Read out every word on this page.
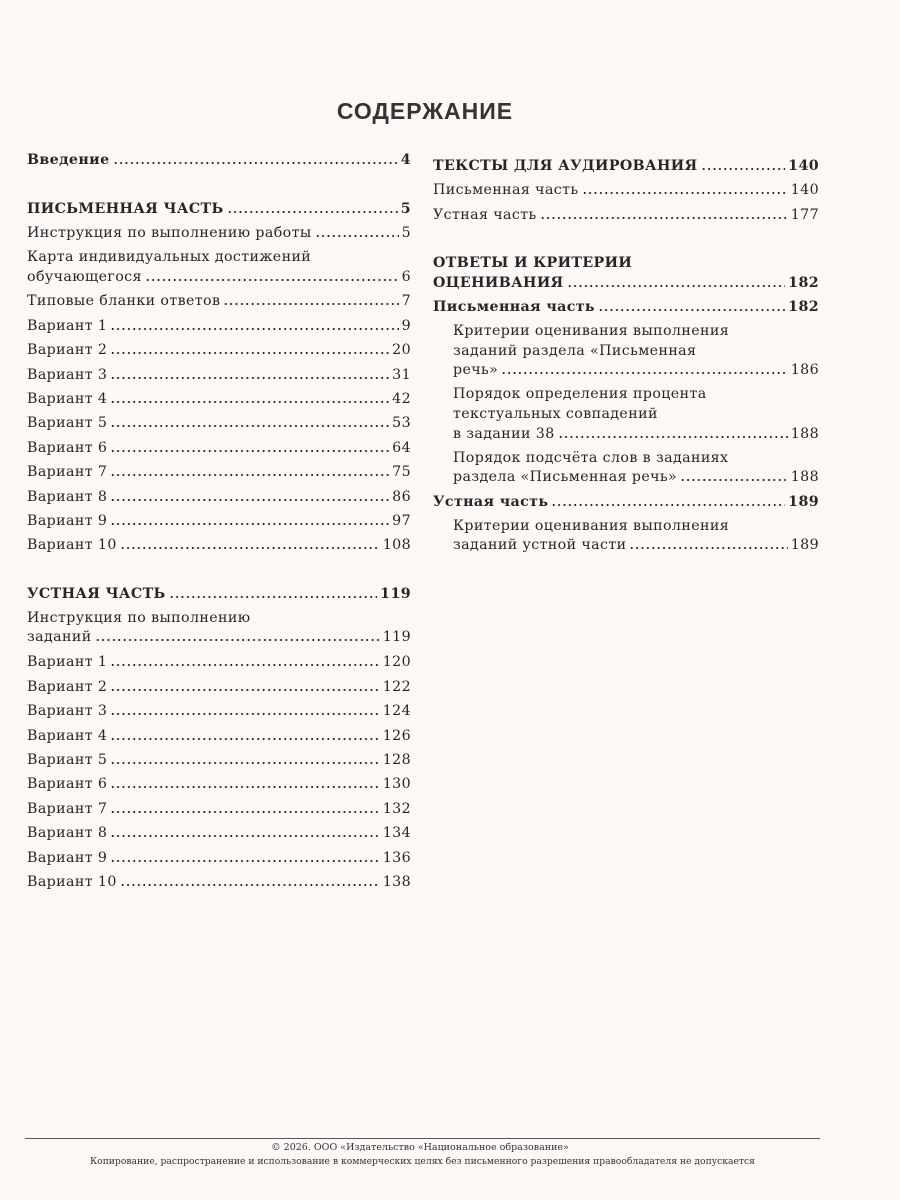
СОДЕРЖАНИЕ
Введение	4
ПИСЬМЕННАЯ ЧАСТЬ	5
Инструкция по выполнению работы	5
Карта индивидуальных достижений
обучающегося	6
Типовые бланки ответов	7
Вариант 1	9
Вариант 2	20
Вариант 3	31
Вариант 4	42
Вариант 5	53
Вариант 6	64
Вариант 7	75
Вариант 8	86
Вариант 9	97
Вариант 10	108
УСТНАЯ ЧАСТЬ	119
Инструкция по выполнению
заданий	119
Вариант 1	120
Вариант 2	122
Вариант 3	124
Вариант 4	126
Вариант 5	128
Вариант 6	130
Вариант 7	132
Вариант 8	134
Вариант 9	136
Вариант 10	138
ТЕКСТЫ ДЛЯ АУДИРОВАНИЯ	140
Письменная часть	140
Устная часть	177
ОТВЕТЫ И КРИТЕРИИ
ОЦЕНИВАНИЯ	182
Письменная часть	182
Критерии оценивания выполнения
заданий раздела «Письменная
речь»	186
Порядок определения процента
текстуальных совпадений
в задании 38	188
Порядок подсчёта слов в заданиях
раздела «Письменная речь»	188
Устная часть	189
Критерии оценивания выполнения
заданий устной части	189
© 2026. ООО «Издательство «Национальное образование»
Копирование, распространение и использование в коммерческих целях без письменного разрешения правообладателя не допускается
